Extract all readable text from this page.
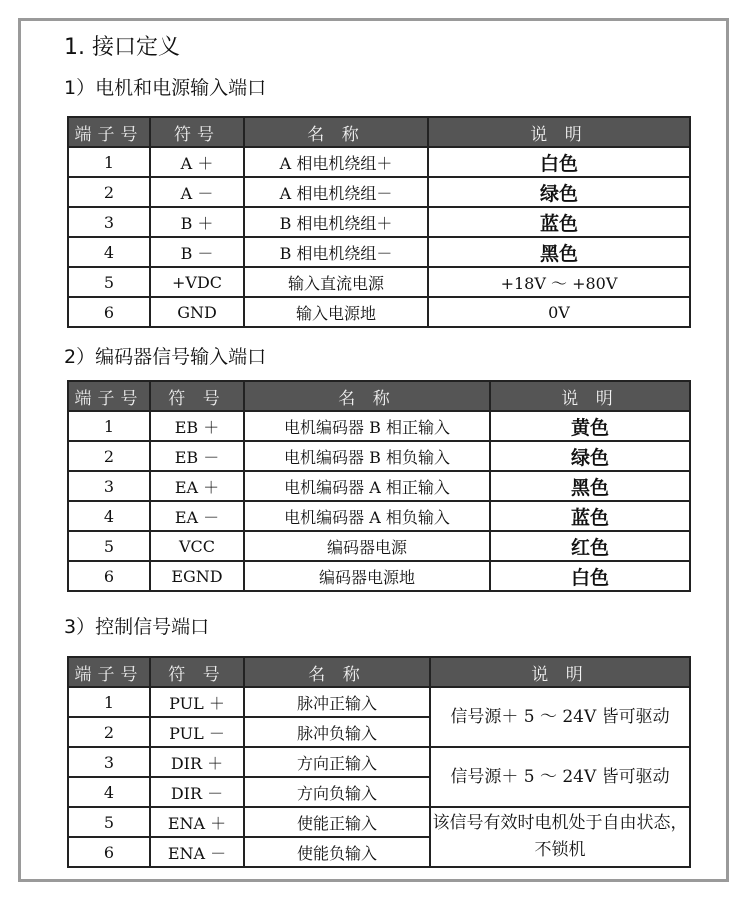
1. 接口定义
1）电机和电源输入端口
端子号	符号	名 称	说 明
1	A ＋	A 相电机绕组＋	白色
2	A －	A 相电机绕组－	绿色
3	B ＋	B 相电机绕组＋	蓝色
4	B －	B 相电机绕组－	黑色
5	+VDC	输入直流电源	+18V ～ +80V
6	GND	输入电源地	0V
2）编码器信号输入端口
端子号	符 号	名 称	说 明
1	EB ＋	电机编码器 B 相正输入	黄色
2	EB －	电机编码器 B 相负输入	绿色
3	EA ＋	电机编码器 A 相正输入	黑色
4	EA －	电机编码器 A 相负输入	蓝色
5	VCC	编码器电源	红色
6	EGND	编码器电源地	白色
3）控制信号端口
端子号	符 号	名 称	说 明
1	PUL ＋	脉冲正输入	信号源＋ 5 ～ 24V 皆可驱动
2	PUL －	脉冲负输入	
3	DIR ＋	方向正输入	信号源＋ 5 ～ 24V 皆可驱动
4	DIR －	方向负输入	
5	ENA ＋	使能正输入	该信号有效时电机处于自由状态，不锁机
6	ENA －	使能负输入	
